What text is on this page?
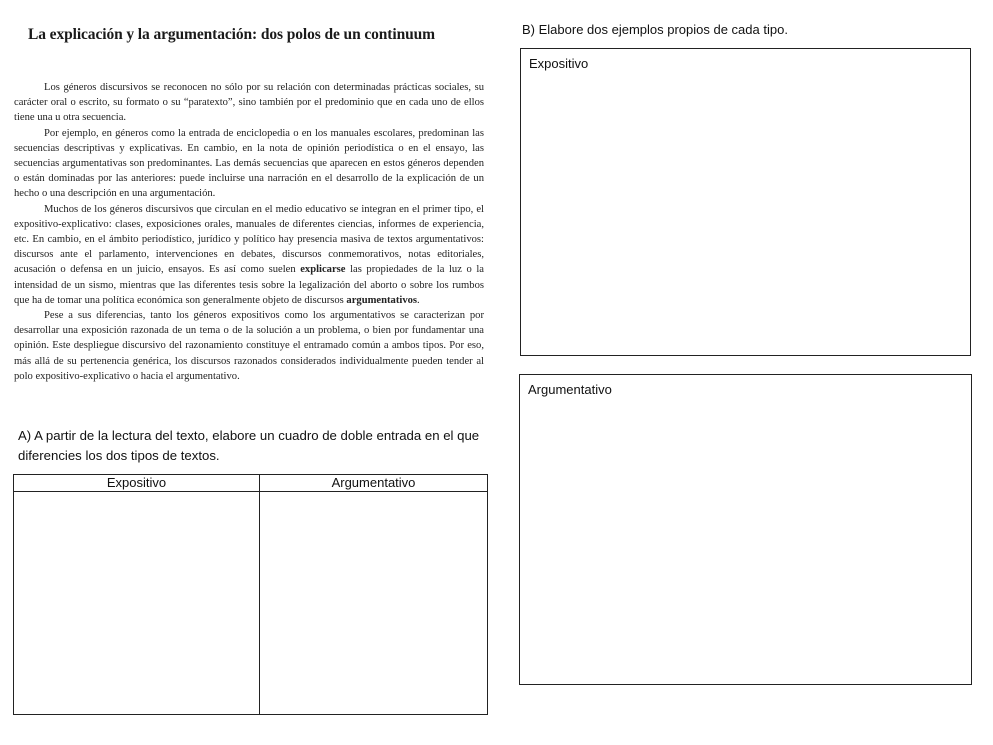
La explicación y la argumentación: dos polos de un continuum

Los géneros discursivos se reconocen no sólo por su relación con determinadas prácticas sociales, su carácter oral o escrito, su formato o su “paratexto”, sino también por el predominio que en cada uno de ellos tiene una u otra secuencia.

Por ejemplo, en géneros como la entrada de enciclopedia o en los manuales escolares, predominan las secuencias descriptivas y explicativas. En cambio, en la nota de opinión periodística o en el ensayo, las secuencias argumentativas son predominantes. Las demás secuencias que aparecen en estos géneros dependen o están dominadas por las anteriores: puede incluirse una narración en el desarrollo de la explicación de un hecho o una descripción en una argumentación.

Muchos de los géneros discursivos que circulan en el medio educativo se integran en el primer tipo, el expositivo-explicativo: clases, exposiciones orales, manuales de diferentes ciencias, informes de experiencia, etc. En cambio, en el ámbito periodístico, jurídico y político hay presencia masiva de textos argumentativos: discursos ante el parlamento, intervenciones en debates, discursos conmemorativos, notas editoriales, acusación o defensa en un juicio, ensayos. Es así como suelen explicarse las propiedades de la luz o la intensidad de un sismo, mientras que las diferentes tesis sobre la legalización del aborto o sobre los rumbos que ha de tomar una política económica son generalmente objeto de discursos argumentativos.

Pese a sus diferencias, tanto los géneros expositivos como los argumentativos se caracterizan por desarrollar una exposición razonada de un tema o de la solución a un problema, o bien por fundamentar una opinión. Este despliegue discursivo del razonamiento constituye el entramado común a ambos tipos. Por eso, más allá de su pertenencia genérica, los discursos razonados considerados individualmente pueden tender al polo expositivo-explicativo o hacia el argumentativo.

A) A partir de la lectura del texto, elabore un cuadro de doble entrada en el que diferencies los dos tipos de textos.
Expositivo	Argumentativo
B) Elabore dos ejemplos propios de cada tipo.
Expositivo
Argumentativo
